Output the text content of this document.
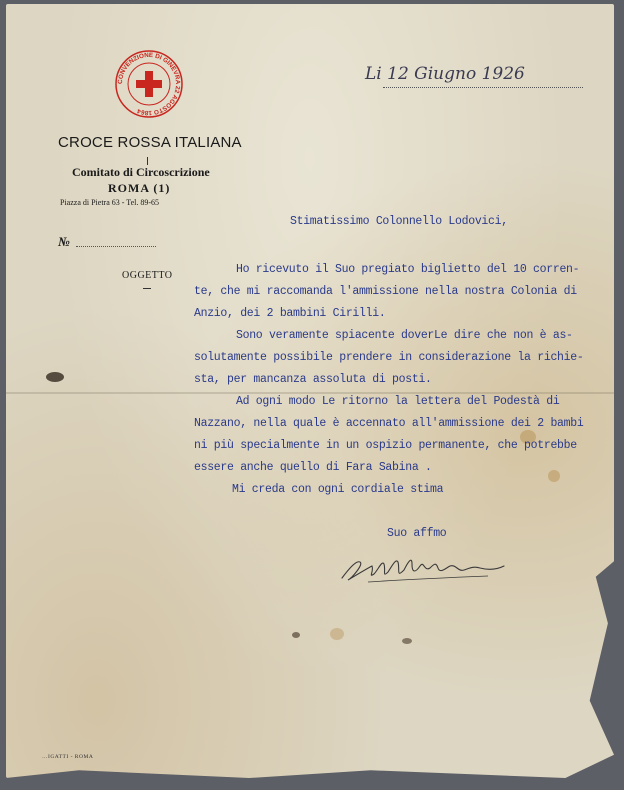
CONVENZIONE DI GINEVRA 22 AGOSTO 1864
CROCE ROSSA ITALIANA
Comitato di Circoscrizione
ROMA (1)
Piazza di Pietra 63 - Tel. 89-65
№
OGGETTO
Li 12 Giugno 1926
Stimatissimo Colonnello Lodovici,
Ho ricevuto il Suo pregiato biglietto del 10 corren-
te, che mi raccomanda l'ammissione nella nostra Colonia di
Anzio, dei 2 bambini Cirilli.
Sono veramente spiacente doverLe dire che non è as-
solutamente possibile prendere in considerazione la richie-
sta, per mancanza assoluta di posti.
Ad ogni modo Le ritorno la lettera del Podestà di
Nazzano, nella quale è accennato all'ammissione dei 2 bambi
ni più specialmente in un ospizio permanente, che potrebbe
essere anche quello di Fara Sabina .
Mi creda con ogni cordiale stima
Suo affmo
…IGATTI - ROMA
